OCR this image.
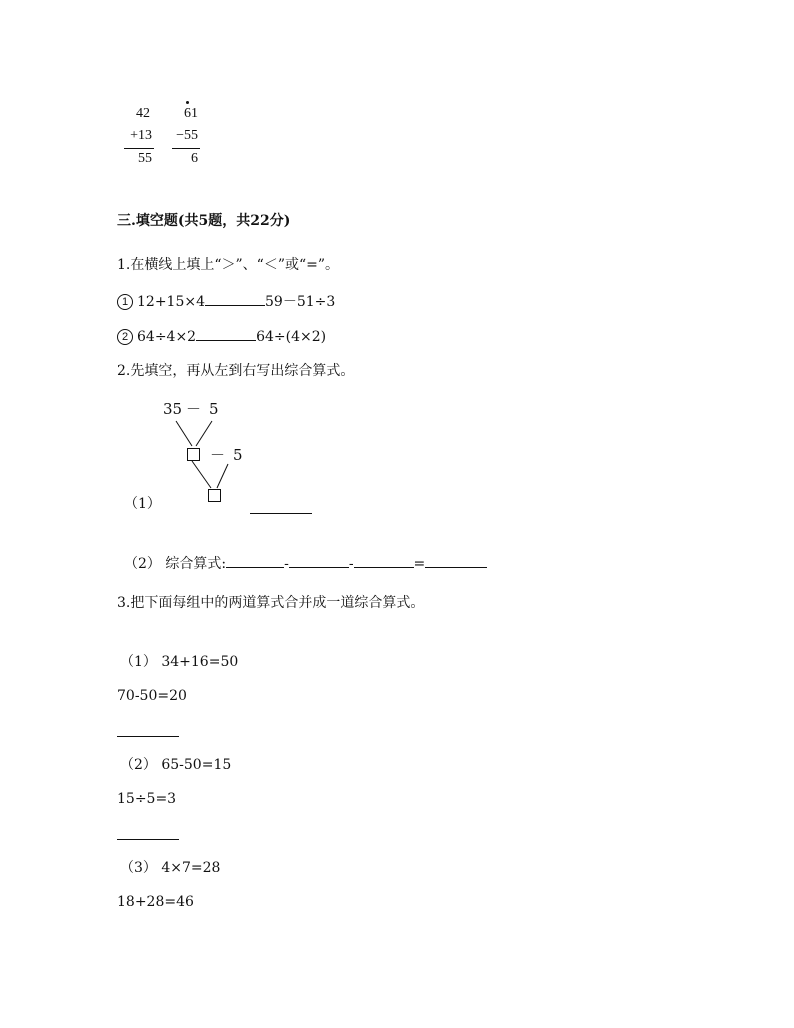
42
+13
55
61
−55
6
三.填空题(共5题，共22分)
1.在横线上填上“＞”、“＜”或“=”。
1 12+15×4	59－51÷3
2 64÷4×2	64÷(4×2)
2.先填空，再从左到右写出综合算式。
35 － 5
－ 5
（1）
（2） 综合算式:	-	-	=
3.把下面每组中的两道算式合并成一道综合算式。
（1） 34+16=50
70-50=20
（2） 65-50=15
15÷5=3
（3） 4×7=28
18+28=46
